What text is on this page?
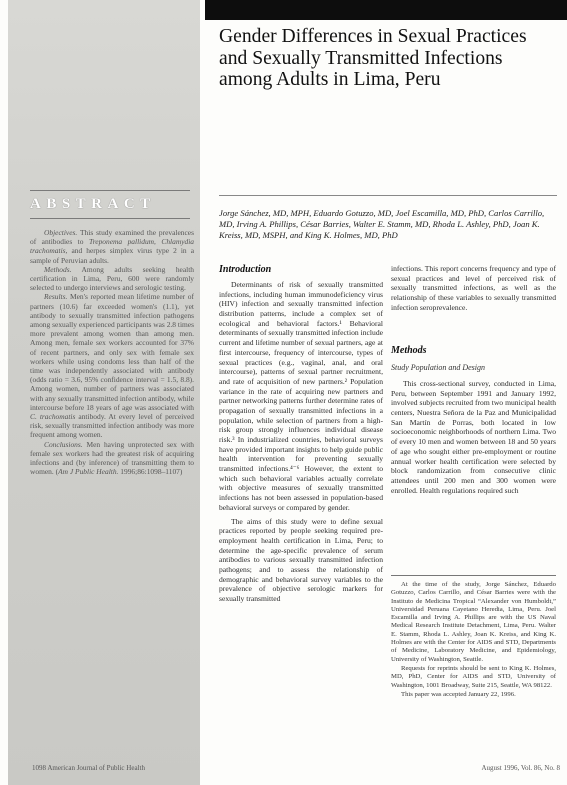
ABSTRACT

Objectives. This study examined the prevalences of antibodies to Treponema pallidum, Chlamydia trachomatis, and herpes simplex virus type 2 in a sample of Peruvian adults.

Methods. Among adults seeking health certification in Lima, Peru, 600 were randomly selected to undergo interviews and serologic testing.

Results. Men's reported mean lifetime number of partners (10.6) far exceeded women's (1.1), yet antibody to sexually transmitted infection pathogens among sexually experienced participants was 2.8 times more prevalent among women than among men. Among men, female sex workers accounted for 37% of recent partners, and only sex with female sex workers while using condoms less than half of the time was independently associated with antibody (odds ratio = 3.6, 95% confidence interval = 1.5, 8.8). Among women, number of partners was associated with any sexually transmitted infection antibody, while intercourse before 18 years of age was associated with C. trachomatis antibody. At every level of perceived risk, sexually transmitted infection antibody was more frequent among women.

Conclusions. Men having unprotected sex with female sex workers had the greatest risk of acquiring infections and (by inference) of transmitting them to women. (Am J Public Health. 1996;86:1098–1107)

1098 American Journal of Public Health
Gender Differences in Sexual Practices and Sexually Transmitted Infections among Adults in Lima, Peru
Jorge Sánchez, MD, MPH, Eduardo Gotuzzo, MD, Joel Escamilla, MD, PhD, Carlos Carrillo, MD, Irving A. Phillips, César Barries, Walter E. Stamm, MD, Rhoda L. Ashley, PhD, Joan K. Kreiss, MD, MSPH, and King K. Holmes, MD, PhD
Introduction

Determinants of risk of sexually transmitted infections, including human immunodeficiency virus (HIV) infection and sexually transmitted infection distribution patterns, include a complex set of ecological and behavioral factors.¹ Behavioral determinants of sexually transmitted infection include current and lifetime number of sexual partners, age at first intercourse, frequency of intercourse, types of sexual practices (e.g., vaginal, anal, and oral intercourse), patterns of sexual partner recruitment, and rate of acquisition of new partners.² Population variance in the rate of acquiring new partners and partner networking patterns further determine rates of propagation of sexually transmitted infections in a population, while selection of partners from a high-risk group strongly influences individual disease risk.³ In industrialized countries, behavioral surveys have provided important insights to help guide public health intervention for preventing sexually transmitted infections.⁴⁻⁶ However, the extent to which such behavioral variables actually correlate with objective measures of sexually transmitted infections has not been assessed in population-based behavioral surveys or compared by gender.

The aims of this study were to define sexual practices reported by people seeking required pre-employment health certification in Lima, Peru; to determine the age-specific prevalence of serum antibodies to various sexually transmitted infection pathogens; and to assess the relationship of demographic and behavioral survey variables to the prevalence of objective serologic markers for sexually transmitted

infections. This report concerns frequency and type of sexual practices and level of perceived risk of sexually transmitted infections, as well as the relationship of these variables to sexually transmitted infection seroprevalence.

Methods
Study Population and Design

This cross-sectional survey, conducted in Lima, Peru, between September 1991 and January 1992, involved subjects recruited from two municipal health centers, Nuestra Señora de la Paz and Municipalidad San Martín de Porras, both located in low socioeconomic neighborhoods of northern Lima. Two of every 10 men and women between 18 and 50 years of age who sought either pre-employment or routine annual worker health certification were selected by block randomization from consecutive clinic attendees until 200 men and 300 women were enrolled. Health regulations required such

At the time of the study, Jorge Sánchez, Eduardo Gotuzzo, Carlos Carrillo, and César Barries were with the Instituto de Medicina Tropical “Alexander von Humboldt,” Universidad Peruana Cayetano Heredia, Lima, Peru. Joel Escamilla and Irving A. Phillips are with the US Naval Medical Research Institute Detachment, Lima, Peru. Walter E. Stamm, Rhoda L. Ashley, Joan K. Kreiss, and King K. Holmes are with the Center for AIDS and STD, Departments of Medicine, Laboratory Medicine, and Epidemiology, University of Washington, Seattle.

Requests for reprints should be sent to King K. Holmes, MD, PhD, Center for AIDS and STD, University of Washington, 1001 Broadway, Suite 215, Seattle, WA 98122.

This paper was accepted January 22, 1996.

August 1996, Vol. 86, No. 8
